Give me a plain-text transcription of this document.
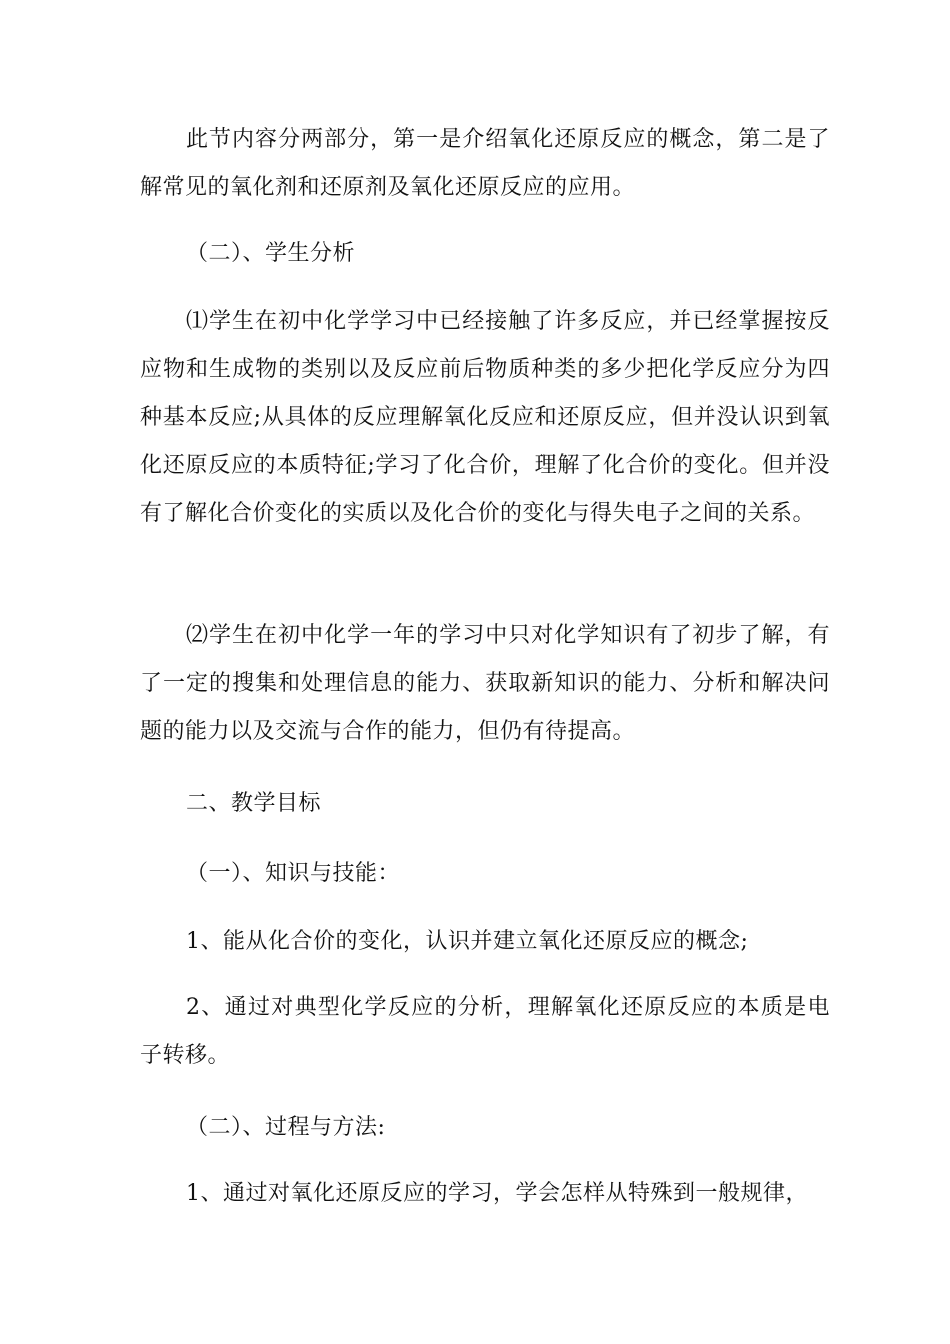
此节内容分两部分，第一是介绍氧化还原反应的概念，第二是了解常见的氧化剂和还原剂及氧化还原反应的应用。

（二）、学生分析

⑴学生在初中化学学习中已经接触了许多反应，并已经掌握按反应物和生成物的类别以及反应前后物质种类的多少把化学反应分为四种基本反应;从具体的反应理解氧化反应和还原反应，但并没认识到氧化还原反应的本质特征;学习了化合价，理解了化合价的变化。但并没有了解化合价变化的实质以及化合价的变化与得失电子之间的关系。

⑵学生在初中化学一年的学习中只对化学知识有了初步了解，有了一定的搜集和处理信息的能力、获取新知识的能力、分析和解决问题的能力以及交流与合作的能力，但仍有待提高。

二、教学目标

（一）、知识与技能：

1、能从化合价的变化，认识并建立氧化还原反应的概念;

2、通过对典型化学反应的分析，理解氧化还原反应的本质是电子转移。

（二）、过程与方法:

1、通过对氧化还原反应的学习，学会怎样从特殊到一般规律，
